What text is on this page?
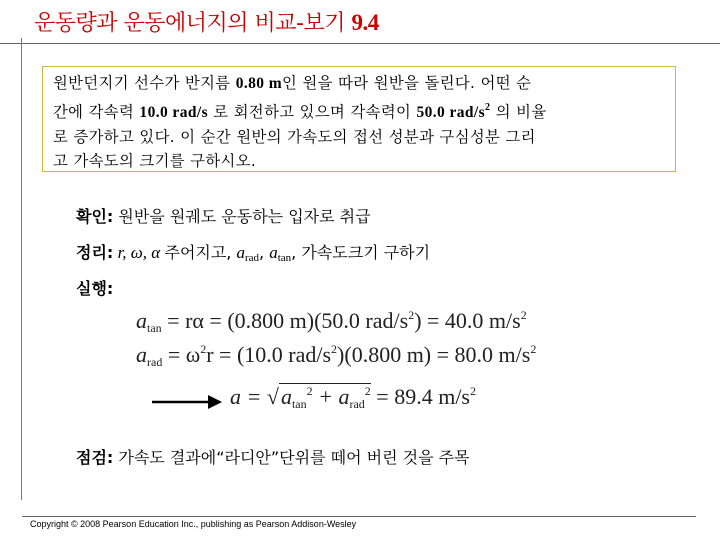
운동량과 운동에너지의 비교-보기 9.4
원반던지기 선수가 반지름 0.80 m인 원을 따라 원반을 돌린다. 어떤 순
간에 각속력 10.0 rad/s 로 회전하고 있으며 각속력이 50.0 rad/$s^2$ 의 비율
로 증가하고 있다. 이 순간 원반의 가속도의 접선 성분과 구심성분 그리
고 가속도의 크기를 구하시오.
확인: 원반을 원궤도 운동하는 입자로 취급
정리: r, ω, α 주어지고, $a_{rad}$, $a_{tan}$, 가속도크기 구하기
실행:
$a_{tan} = r\alpha = (0.800$ m)(50.0 rad/$s^2) = 40.0$ $m/s^2$
$a_{rad} = \omega^2r = (10.0$ rad/$s^2)(0.800$ m) = 80.0 $m/s^2$
$a = √a_{tan}^2 + a_{rad}^2 = 89.4$ $m/s^2$
점검: 가속도 결과에“라디안”단위를 떼어 버린 것을 주목
Copyright © 2008 Pearson Education Inc., publishing as Pearson Addison-Wesley
